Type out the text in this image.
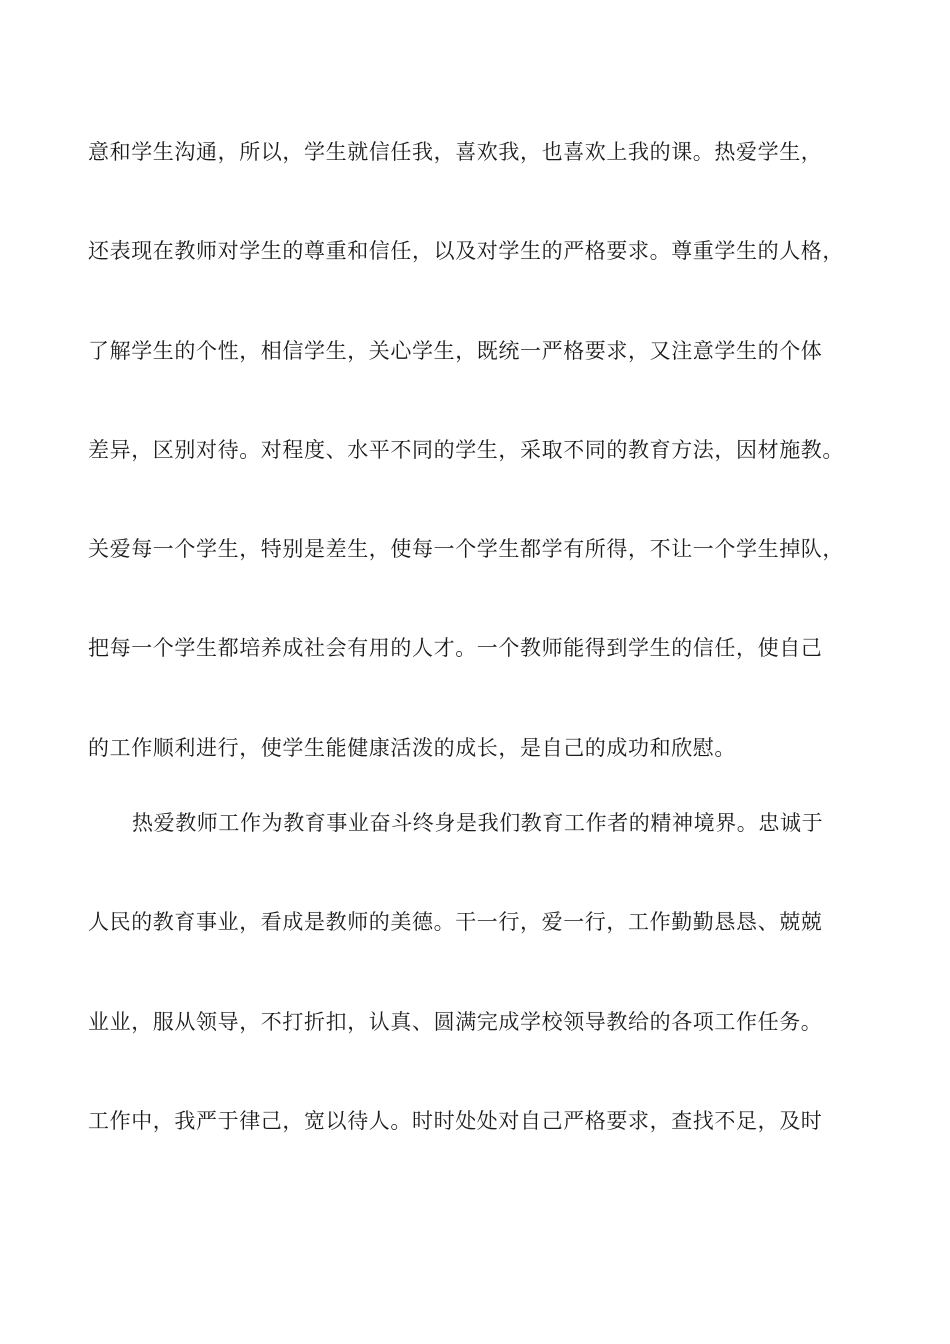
意和学生沟通，所以，学生就信任我，喜欢我，也喜欢上我的课。热爱学生，
还表现在教师对学生的尊重和信任，以及对学生的严格要求。尊重学生的人格，
了解学生的个性，相信学生，关心学生，既统一严格要求，又注意学生的个体
差异，区别对待。对程度、水平不同的学生，采取不同的教育方法，因材施教。
关爱每一个学生，特别是差生，使每一个学生都学有所得，不让一个学生掉队，
把每一个学生都培养成社会有用的人才。一个教师能得到学生的信任，使自己
的工作顺利进行，使学生能健康活泼的成长，是自己的成功和欣慰。
热爱教师工作为教育事业奋斗终身是我们教育工作者的精神境界。忠诚于
人民的教育事业，看成是教师的美德。干一行，爱一行，工作勤勤恳恳、兢兢
业业，服从领导，不打折扣，认真、圆满完成学校领导教给的各项工作任务。
工作中，我严于律己，宽以待人。时时处处对自己严格要求，查找不足，及时
